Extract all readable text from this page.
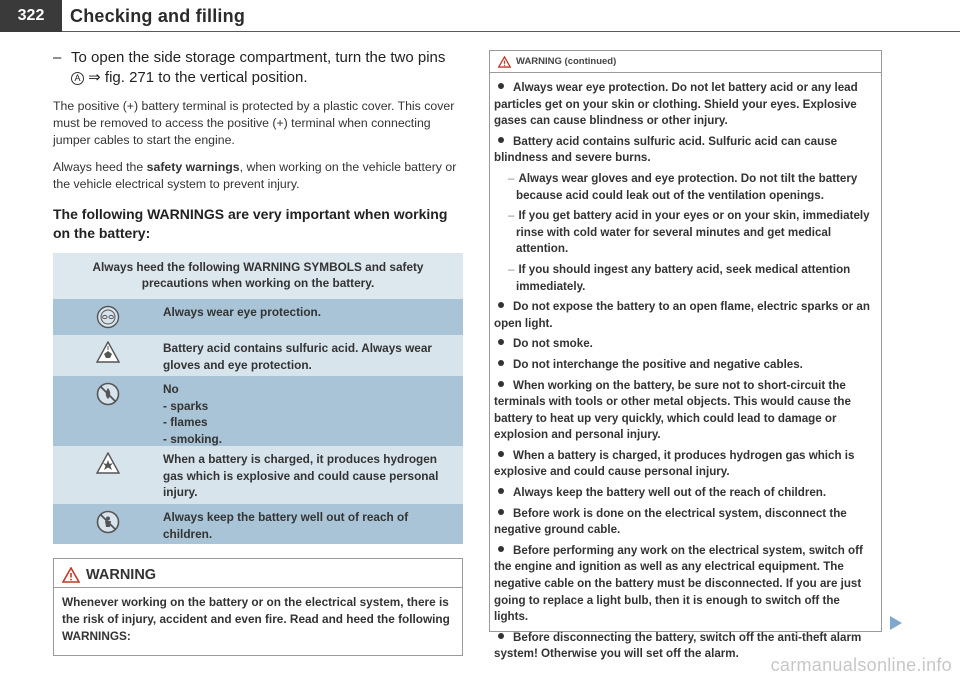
322 Checking and filling
– To open the side storage compartment, turn the two pins
A ⇒ fig. 271 to the vertical position.

The positive (+) battery terminal is protected by a plastic cover. This cover must be removed to access the positive (+) terminal when connecting jumper cables to start the engine.

Always heed the safety warnings, when working on the vehicle battery or the vehicle electrical system to prevent injury.

The following WARNINGS are very important when working on the battery:
Always heed the following WARNING SYMBOLS and safety precautions when working on the battery.
Always wear eye protection.
Battery acid contains sulfuric acid. Always wear gloves and eye protection.
No
- sparks
- flames
- smoking.
When a battery is charged, it produces hydrogen gas which is explosive and could cause personal injury.
Always keep the battery well out of reach of children.
WARNING
Whenever working on the battery or on the electrical system, there is the risk of injury, accident and even fire. Read and heed the following WARNINGS:
WARNING (continued)
Always wear eye protection. Do not let battery acid or any lead particles get on your skin or clothing. Shield your eyes. Explosive gases can cause blindness or other injury.
Battery acid contains sulfuric acid. Sulfuric acid can cause blindness and severe burns.
– Always wear gloves and eye protection. Do not tilt the battery because acid could leak out of the ventilation openings.
– If you get battery acid in your eyes or on your skin, immediately rinse with cold water for several minutes and get medical attention.
– If you should ingest any battery acid, seek medical attention immediately.
Do not expose the battery to an open flame, electric sparks or an open light.
Do not smoke.
Do not interchange the positive and negative cables.
When working on the battery, be sure not to short-circuit the terminals with tools or other metal objects. This would cause the battery to heat up very quickly, which could lead to damage or explosion and personal injury.
When a battery is charged, it produces hydrogen gas which is explosive and could cause personal injury.
Always keep the battery well out of the reach of children.
Before work is done on the electrical system, disconnect the negative ground cable.
Before performing any work on the electrical system, switch off the engine and ignition as well as any electrical equipment. The negative cable on the battery must be disconnected. If you are just going to replace a light bulb, then it is enough to switch off the lights.
Before disconnecting the battery, switch off the anti-theft alarm system! Otherwise you will set off the alarm.
carmanualsonline.info
